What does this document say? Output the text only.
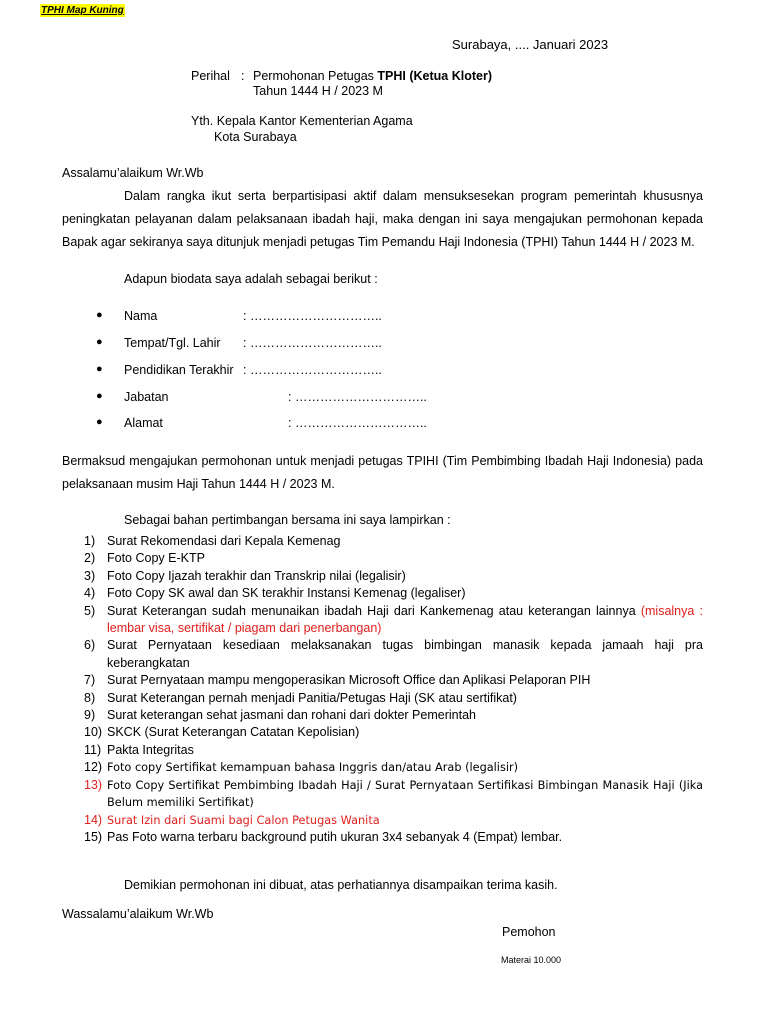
TPHI Map Kuning
Surabaya, .... Januari 2023
Perihal : Permohonan Petugas TPHI (Ketua Kloter)
Tahun 1444 H / 2023 M
Yth. Kepala Kantor Kementerian Agama
Kota Surabaya
Assalamu’alaikum Wr.Wb
Dalam rangka ikut serta berpartisipasi aktif dalam mensuksesekan program pemerintah khususnya peningkatan pelayanan dalam pelaksanaan ibadah haji, maka dengan ini saya mengajukan permohonan kepada Bapak agar sekiranya saya ditunjuk menjadi petugas Tim Pemandu Haji Indonesia (TPHI) Tahun 1444 H / 2023 M.
Adapun biodata saya adalah sebagai berikut :
● Nama	: …………………………..
● Tempat/Tgl. Lahir : …………………………..
● Pendidikan Terakhir : …………………………..
● Jabatan	: …………………………..
● Alamat	: …………………………..
Bermaksud mengajukan permohonan untuk menjadi petugas TPIHI (Tim Pembimbing Ibadah Haji Indonesia) pada pelaksanaan musim Haji Tahun 1444 H / 2023 M.
Sebagai bahan pertimbangan bersama ini saya lampirkan :
1) Surat Rekomendasi dari Kepala Kemenag
2) Foto Copy E-KTP
3) Foto Copy Ijazah terakhir dan Transkrip nilai (legalisir)
4) Foto Copy SK awal dan SK terakhir Instansi Kemenag (legaliser)
5) Surat Keterangan sudah menunaikan ibadah Haji dari Kankemenag atau keterangan lainnya (misalnya : lembar visa, sertifikat / piagam dari penerbangan)
6) Surat Pernyataan kesediaan melaksanakan tugas bimbingan manasik kepada jamaah haji pra keberangkatan
7) Surat Pernyataan mampu mengoperasikan Microsoft Office dan Aplikasi Pelaporan PIH
8) Surat Keterangan pernah menjadi Panitia/Petugas Haji (SK atau sertifikat)
9) Surat keterangan sehat jasmani dan rohani dari dokter Pemerintah
10) SKCK (Surat Keterangan Catatan Kepolisian)
11) Pakta Integritas
12) Foto copy Sertifikat kemampuan bahasa Inggris dan/atau Arab (legalisir)
13) Foto Copy Sertifikat Pembimbing Ibadah Haji / Surat Pernyataan Sertifikasi Bimbingan Manasik Haji (Jika Belum memiliki Sertifikat)
14) Surat Izin dari Suami bagi Calon Petugas Wanita
15) Pas Foto warna terbaru background putih ukuran 3x4 sebanyak 4 (Empat) lembar.
Demikian permohonan ini dibuat, atas perhatiannya disampaikan terima kasih.
Wassalamu’alaikum Wr.Wb
Pemohon
Materai 10.000
